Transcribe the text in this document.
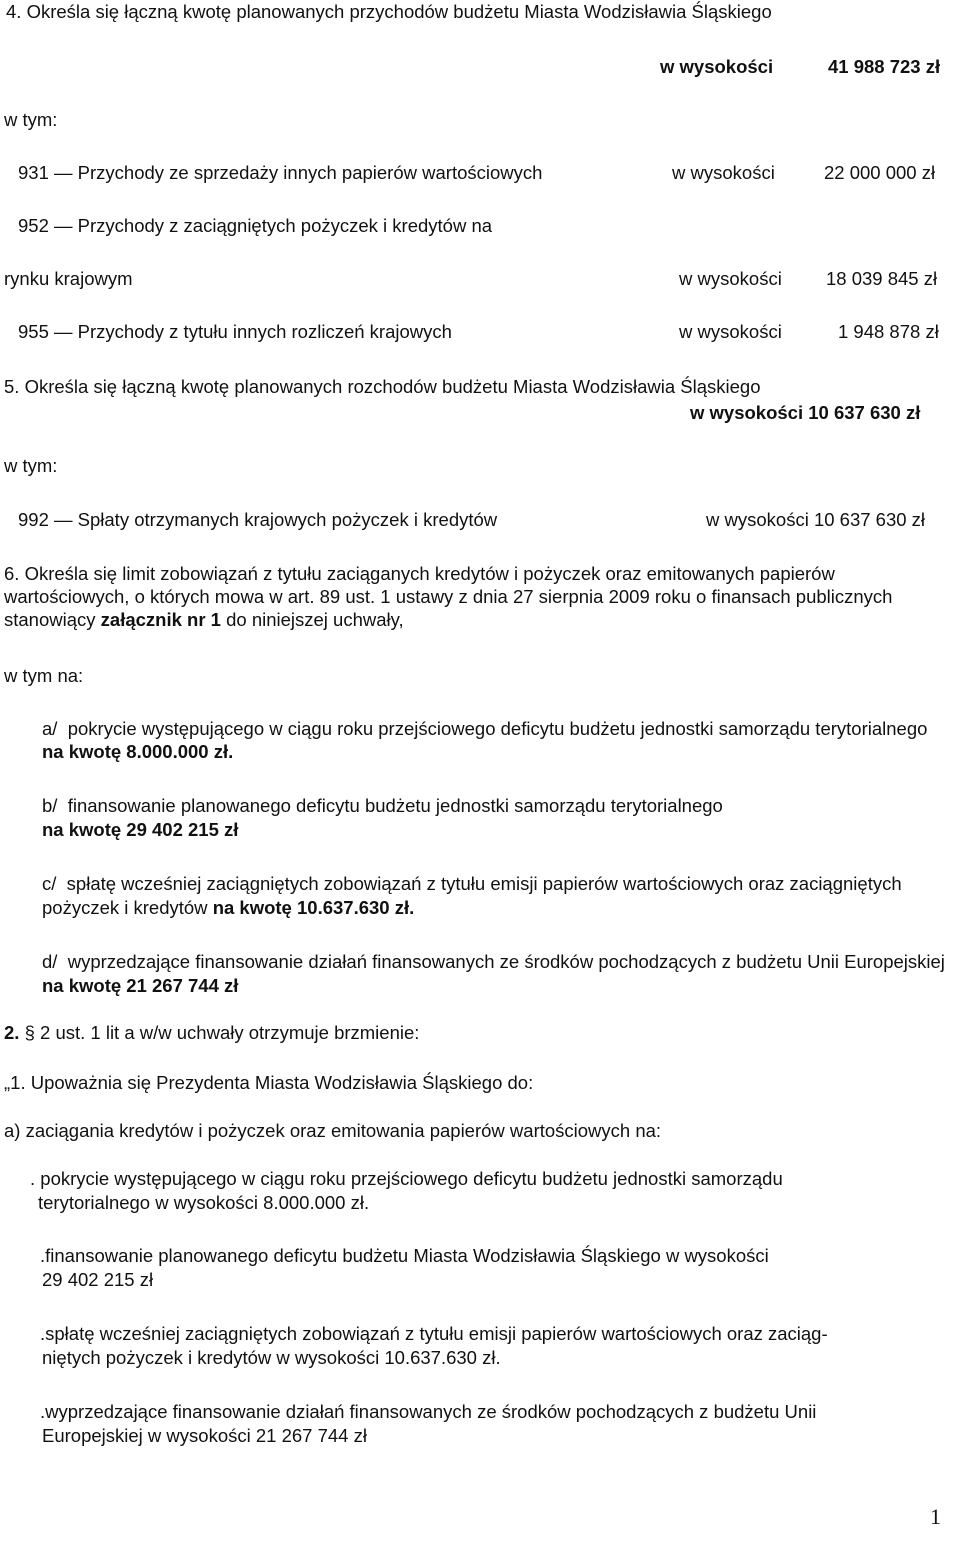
4. Określa się łączną kwotę planowanych przychodów budżetu Miasta Wodzisławia Śląskiego
w wysokości	41 988 723 zł
w tym:
931 — Przychody ze sprzedaży innych papierów wartościowych	w wysokości	22 000 000 zł
952 — Przychody z zaciągniętych pożyczek i kredytów na
rynku krajowym	w wysokości 18 039 845 zł
955 — Przychody z tytułu innych rozliczeń krajowych	w wysokości	1 948 878 zł
5. Określa się łączną kwotę planowanych rozchodów budżetu Miasta Wodzisławia Śląskiego
w wysokości 10 637 630 zł
w tym:
992 — Spłaty otrzymanych krajowych pożyczek i kredytów	w wysokości 10 637 630 zł
6. Określa się limit zobowiązań z tytułu zaciąganych kredytów i pożyczek oraz emitowanych papierów wartościowych, o których mowa w art. 89 ust. 1 ustawy z dnia 27 sierpnia 2009 roku o finansach publicznych stanowiący załącznik nr 1 do niniejszej uchwały,
w tym na:
a/ pokrycie występującego w ciągu roku przejściowego deficytu budżetu jednostki samorządu terytorialnego na kwotę 8.000.000 zł.
b/ finansowanie planowanego deficytu budżetu jednostki samorządu terytorialnego
na kwotę 29 402 215 zł
c/ spłatę wcześniej zaciągniętych zobowiązań z tytułu emisji papierów wartościowych oraz zaciągniętych pożyczek i kredytów na kwotę 10.637.630 zł.
d/ wyprzedzające finansowanie działań finansowanych ze środków pochodzących z budżetu Unii Europejskiej na kwotę 21 267 744 zł
2. § 2 ust. 1 lit a w/w uchwały otrzymuje brzmienie:
„1. Upoważnia się Prezydenta Miasta Wodzisławia Śląskiego do:
a) zaciągania kredytów i pożyczek oraz emitowania papierów wartościowych na:
. pokrycie występującego w ciągu roku przejściowego deficytu budżetu jednostki samorządu
terytorialnego w wysokości 8.000.000 zł.
.finansowanie planowanego deficytu budżetu Miasta Wodzisławia Śląskiego w wysokości
29 402 215 zł
.spłatę wcześniej zaciągniętych zobowiązań z tytułu emisji papierów wartościowych oraz zaciąg-
niętych pożyczek i kredytów w wysokości 10.637.630 zł.
.wyprzedzające finansowanie działań finansowanych ze środków pochodzących z budżetu Unii
Europejskiej w wysokości 21 267 744 zł
1
